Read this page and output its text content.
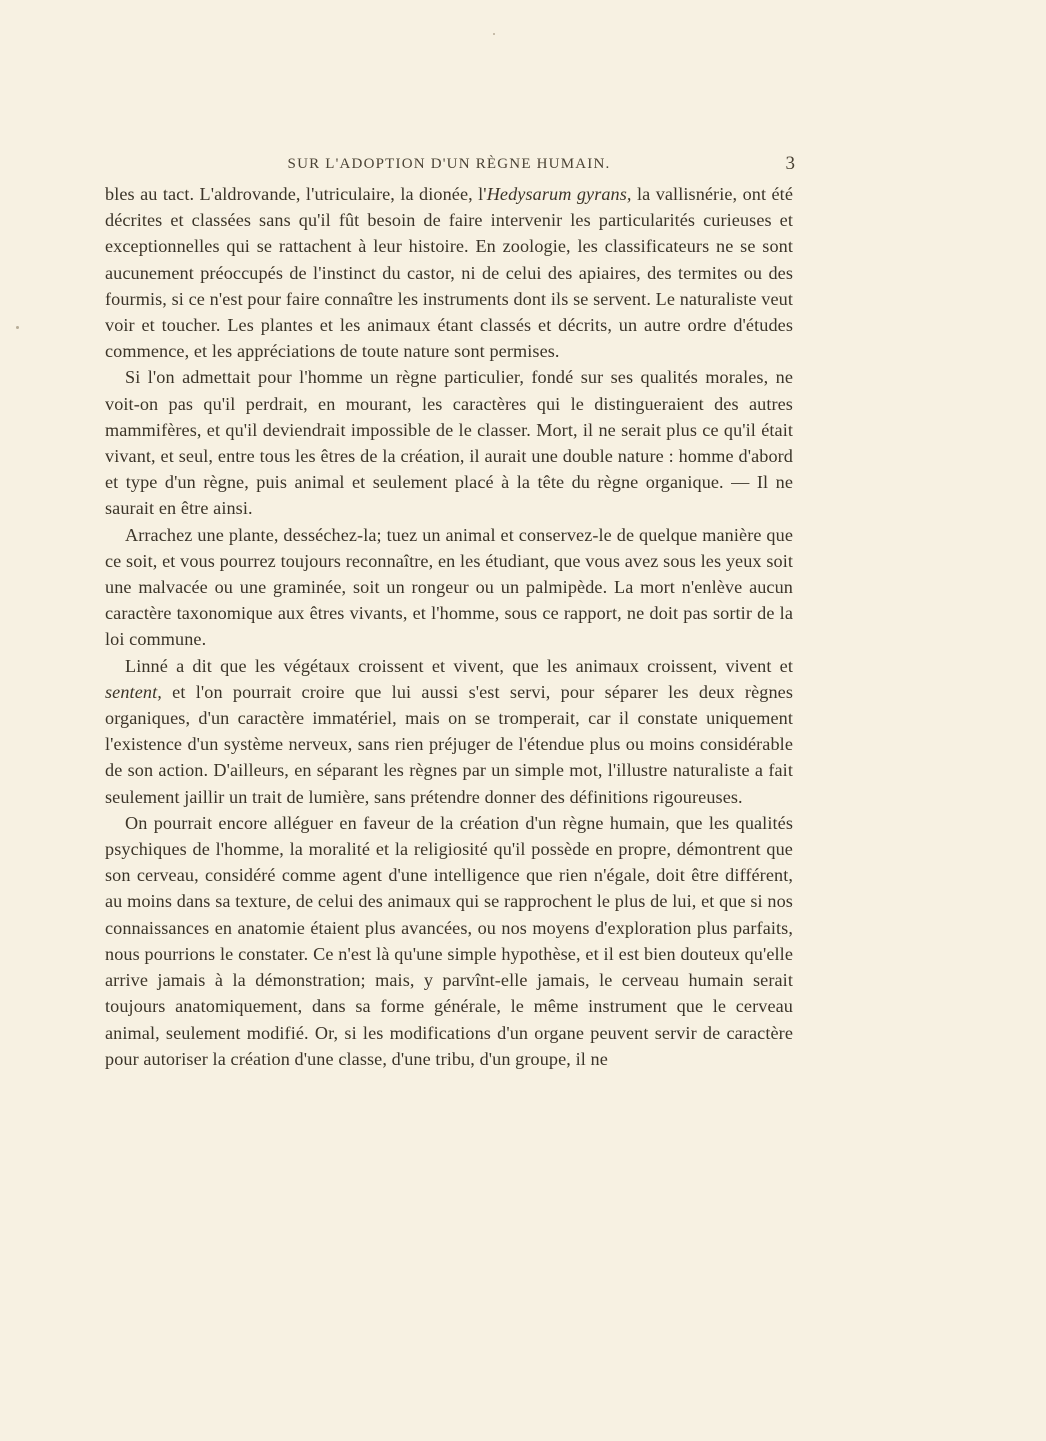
SUR L'ADOPTION D'UN RÈGNE HUMAIN.	3

bles au tact. L'aldrovande, l'utriculaire, la dionée, l'Hedysarum gyrans, la vallisnérie, ont été décrites et classées sans qu'il fût besoin de faire intervenir les particularités curieuses et exceptionnelles qui se rattachent à leur histoire. En zoologie, les classificateurs ne se sont aucunement préoccupés de l'instinct du castor, ni de celui des apiaires, des termites ou des fourmis, si ce n'est pour faire connaître les instruments dont ils se servent. Le naturaliste veut voir et toucher. Les plantes et les animaux étant classés et décrits, un autre ordre d'études commence, et les appréciations de toute nature sont permises.

Si l'on admettait pour l'homme un règne particulier, fondé sur ses qualités morales, ne voit-on pas qu'il perdrait, en mourant, les caractères qui le distingueraient des autres mammifères, et qu'il deviendrait impossible de le classer. Mort, il ne serait plus ce qu'il était vivant, et seul, entre tous les êtres de la création, il aurait une double nature : homme d'abord et type d'un règne, puis animal et seulement placé à la tête du règne organique. — Il ne saurait en être ainsi.

Arrachez une plante, desséchez-la; tuez un animal et conservez-le de quelque manière que ce soit, et vous pourrez toujours reconnaître, en les étudiant, que vous avez sous les yeux soit une malvacée ou une graminée, soit un rongeur ou un palmipède. La mort n'enlève aucun caractère taxonomique aux êtres vivants, et l'homme, sous ce rapport, ne doit pas sortir de la loi commune.

Linné a dit que les végétaux croissent et vivent, que les animaux croissent, vivent et sentent, et l'on pourrait croire que lui aussi s'est servi, pour séparer les deux règnes organiques, d'un caractère immatériel, mais on se tromperait, car il constate uniquement l'existence d'un système nerveux, sans rien préjuger de l'étendue plus ou moins considérable de son action. D'ailleurs, en séparant les règnes par un simple mot, l'illustre naturaliste a fait seulement jaillir un trait de lumière, sans prétendre donner des définitions rigoureuses.

On pourrait encore alléguer en faveur de la création d'un règne humain, que les qualités psychiques de l'homme, la moralité et la religiosité qu'il possède en propre, démontrent que son cerveau, considéré comme agent d'une intelligence que rien n'égale, doit être différent, au moins dans sa texture, de celui des animaux qui se rapprochent le plus de lui, et que si nos connaissances en anatomie étaient plus avancées, ou nos moyens d'exploration plus parfaits, nous pourrions le constater. Ce n'est là qu'une simple hypothèse, et il est bien douteux qu'elle arrive jamais à la démonstration; mais, y parvînt-elle jamais, le cerveau humain serait toujours anatomiquement, dans sa forme générale, le même instrument que le cerveau animal, seulement modifié. Or, si les modifications d'un organe peuvent servir de caractère pour autoriser la création d'une classe, d'une tribu, d'un groupe, il ne
